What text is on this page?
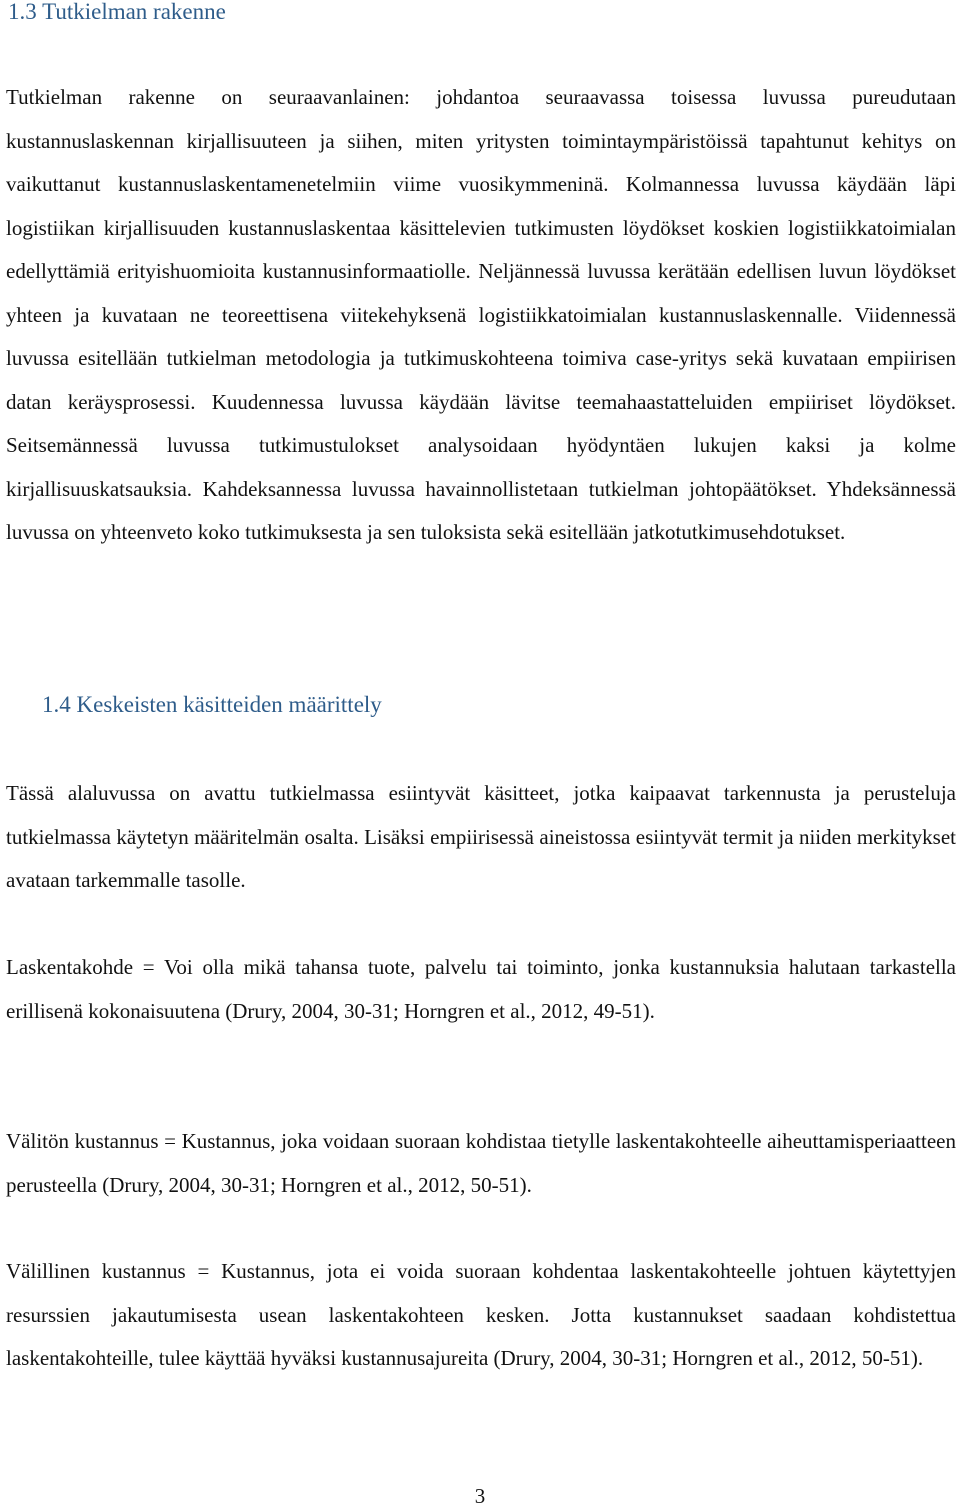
1.3 Tutkielman rakenne

Tutkielman rakenne on seuraavanlainen: johdantoa seuraavassa toisessa luvussa pureudutaan kustannuslaskennan kirjallisuuteen ja siihen, miten yritysten toimintaympäristöissä tapahtunut kehitys on vaikuttanut kustannuslaskentamenetelmiin viime vuosikymmeninä. Kolmannessa luvussa käydään läpi logistiikan kirjallisuuden kustannuslaskentaa käsittelevien tutkimusten löydökset koskien logistiikkatoimialan edellyttämiä erityishuomioita kustannusinformaatiolle. Neljännessä luvussa kerätään edellisen luvun löydökset yhteen ja kuvataan ne teoreettisena viitekehyksenä logistiikkatoimialan kustannuslaskennalle. Viidennessä luvussa esitellään tutkielman metodologia ja tutkimuskohteena toimiva case-yritys sekä kuvataan empiirisen datan keräysprosessi. Kuudennessa luvussa käydään lävitse teemahaastatteluiden empiiriset löydökset. Seitsemännessä luvussa tutkimustulokset analysoidaan hyödyntäen lukujen kaksi ja kolme kirjallisuuskatsauksia. Kahdeksannessa luvussa havainnollistetaan tutkielman johtopäätökset. Yhdeksännessä luvussa on yhteenveto koko tutkimuksesta ja sen tuloksista sekä esitellään jatkotutkimusehdotukset.

1.4 Keskeisten käsitteiden määrittely

Tässä alaluvussa on avattu tutkielmassa esiintyvät käsitteet, jotka kaipaavat tarkennusta ja perusteluja tutkielmassa käytetyn määritelmän osalta. Lisäksi empiirisessä aineistossa esiintyvät termit ja niiden merkitykset avataan tarkemmalle tasolle.

Laskentakohde = Voi olla mikä tahansa tuote, palvelu tai toiminto, jonka kustannuksia halutaan tarkastella erillisenä kokonaisuutena (Drury, 2004, 30-31; Horngren et al., 2012, 49-51).

Välitön kustannus = Kustannus, joka voidaan suoraan kohdistaa tietylle laskentakohteelle aiheuttamisperiaatteen perusteella (Drury, 2004, 30-31; Horngren et al., 2012, 50-51).

Välillinen kustannus = Kustannus, jota ei voida suoraan kohdentaa laskentakohteelle johtuen käytettyjen resurssien jakautumisesta usean laskentakohteen kesken. Jotta kustannukset saadaan kohdistettua laskentakohteille, tulee käyttää hyväksi kustannusajureita (Drury, 2004, 30-31; Horngren et al., 2012, 50-51).

3
